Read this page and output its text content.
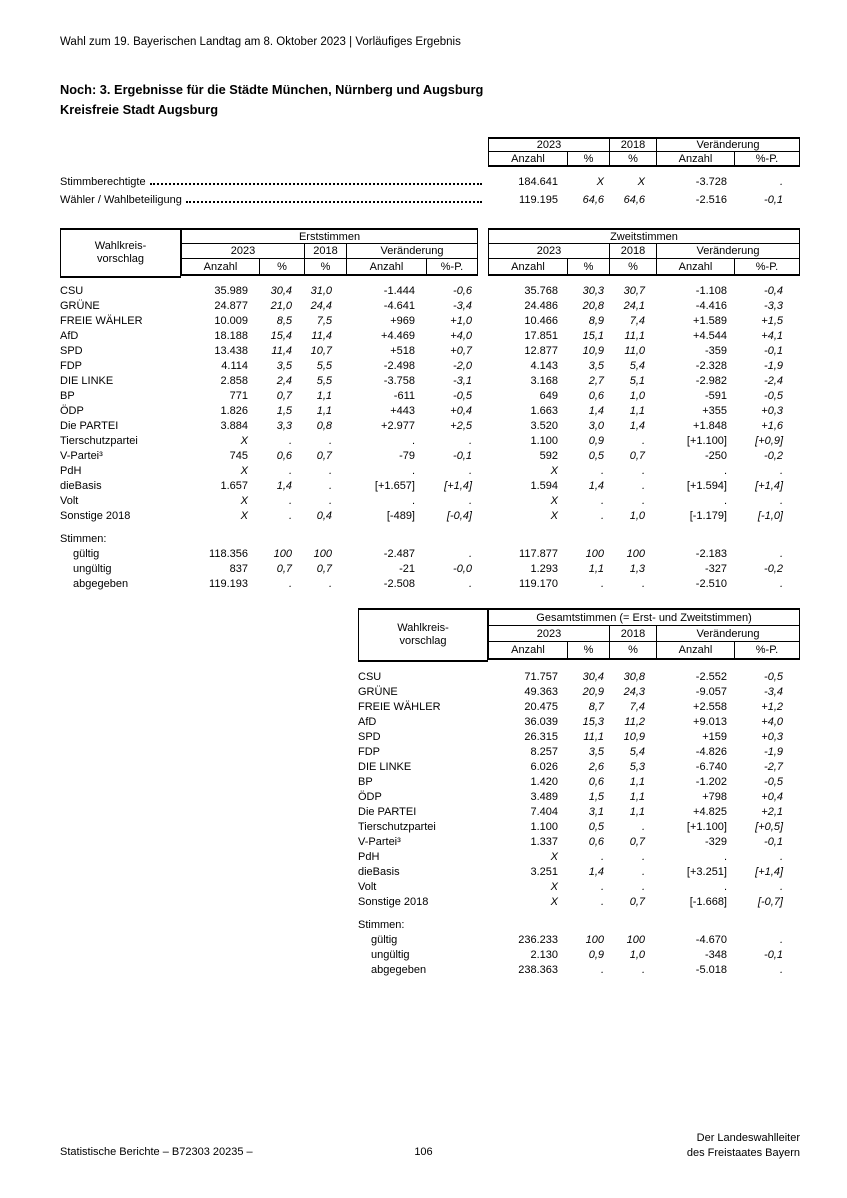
Wahl zum 19. Bayerischen Landtag am 8. Oktober 2023 | Vorläufiges Ergebnis
Noch: 3. Ergebnisse für die Städte München, Nürnberg und Augsburg
Kreisfreie Stadt Augsburg
2023	2018	Veränderung
Anzahl	%	%	Anzahl	%-P.
Stimmberechtigte	184.641	X	X	-3.728	.
Wähler / Wahlbeteiligung	119.195	64,6	64,6	-2.516	-0,1
Wahlkreis-
vorschlag
Erststimmen
2023	2018	Veränderung
Anzahl	%	%	Anzahl	%-P.
Zweitstimmen
2023	2018	Veränderung
Anzahl	%	%	Anzahl	%-P.
CSU	35.989	30,4	31,0	-1.444	-0,6	35.768	30,3	30,7	-1.108	-0,4
GRÜNE	24.877	21,0	24,4	-4.641	-3,4	24.486	20,8	24,1	-4.416	-3,3
FREIE WÄHLER	10.009	8,5	7,5	+969	+1,0	10.466	8,9	7,4	+1.589	+1,5
AfD	18.188	15,4	11,4	+4.469	+4,0	17.851	15,1	11,1	+4.544	+4,1
SPD	13.438	11,4	10,7	+518	+0,7	12.877	10,9	11,0	-359	-0,1
FDP	4.114	3,5	5,5	-2.498	-2,0	4.143	3,5	5,4	-2.328	-1,9
DIE LINKE	2.858	2,4	5,5	-3.758	-3,1	3.168	2,7	5,1	-2.982	-2,4
BP	771	0,7	1,1	-611	-0,5	649	0,6	1,0	-591	-0,5
ÖDP	1.826	1,5	1,1	+443	+0,4	1.663	1,4	1,1	+355	+0,3
Die PARTEI	3.884	3,3	0,8	+2.977	+2,5	3.520	3,0	1,4	+1.848	+1,6
Tierschutzpartei	X	.	.	.	.	1.100	0,9	.	[+1.100]	[+0,9]
V-Partei³	745	0,6	0,7	-79	-0,1	592	0,5	0,7	-250	-0,2
PdH	X	.	.	.	.	X	.	.	.	.
dieBasis	1.657	1,4	.	[+1.657]	[+1,4]	1.594	1,4	.	[+1.594]	[+1,4]
Volt	X	.	.	.	.	X	.	.	.	.
Sonstige 2018	X	.	0,4	[-489]	[-0,4]	X	.	1,0	[-1.179]	[-1,0]
Stimmen:
gültig	118.356	100	100	-2.487	.	117.877	100	100	-2.183	.
ungültig	837	0,7	0,7	-21	-0,0	1.293	1,1	1,3	-327	-0,2
abgegeben	119.193	.	.	-2.508	.	119.170	.	.	-2.510	.
Wahlkreis-
vorschlag
Gesamtstimmen (= Erst- und Zweitstimmen)
2023	2018	Veränderung
Anzahl	%	%	Anzahl	%-P.
CSU	71.757	30,4	30,8	-2.552	-0,5
GRÜNE	49.363	20,9	24,3	-9.057	-3,4
FREIE WÄHLER	20.475	8,7	7,4	+2.558	+1,2
AfD	36.039	15,3	11,2	+9.013	+4,0
SPD	26.315	11,1	10,9	+159	+0,3
FDP	8.257	3,5	5,4	-4.826	-1,9
DIE LINKE	6.026	2,6	5,3	-6.740	-2,7
BP	1.420	0,6	1,1	-1.202	-0,5
ÖDP	3.489	1,5	1,1	+798	+0,4
Die PARTEI	7.404	3,1	1,1	+4.825	+2,1
Tierschutzpartei	1.100	0,5	.	[+1.100]	[+0,5]
V-Partei³	1.337	0,6	0,7	-329	-0,1
PdH	X	.	.	.	.
dieBasis	3.251	1,4	.	[+3.251]	[+1,4]
Volt	X	.	.	.	.
Sonstige 2018	X	.	0,7	[-1.668]	[-0,7]
Stimmen:
gültig	236.233	100	100	-4.670	.
ungültig	2.130	0,9	1,0	-348	-0,1
abgegeben	238.363	.	.	-5.018	.
Statistische Berichte – B72303 20235 –	106
Der Landeswahlleiter
des Freistaates Bayern
